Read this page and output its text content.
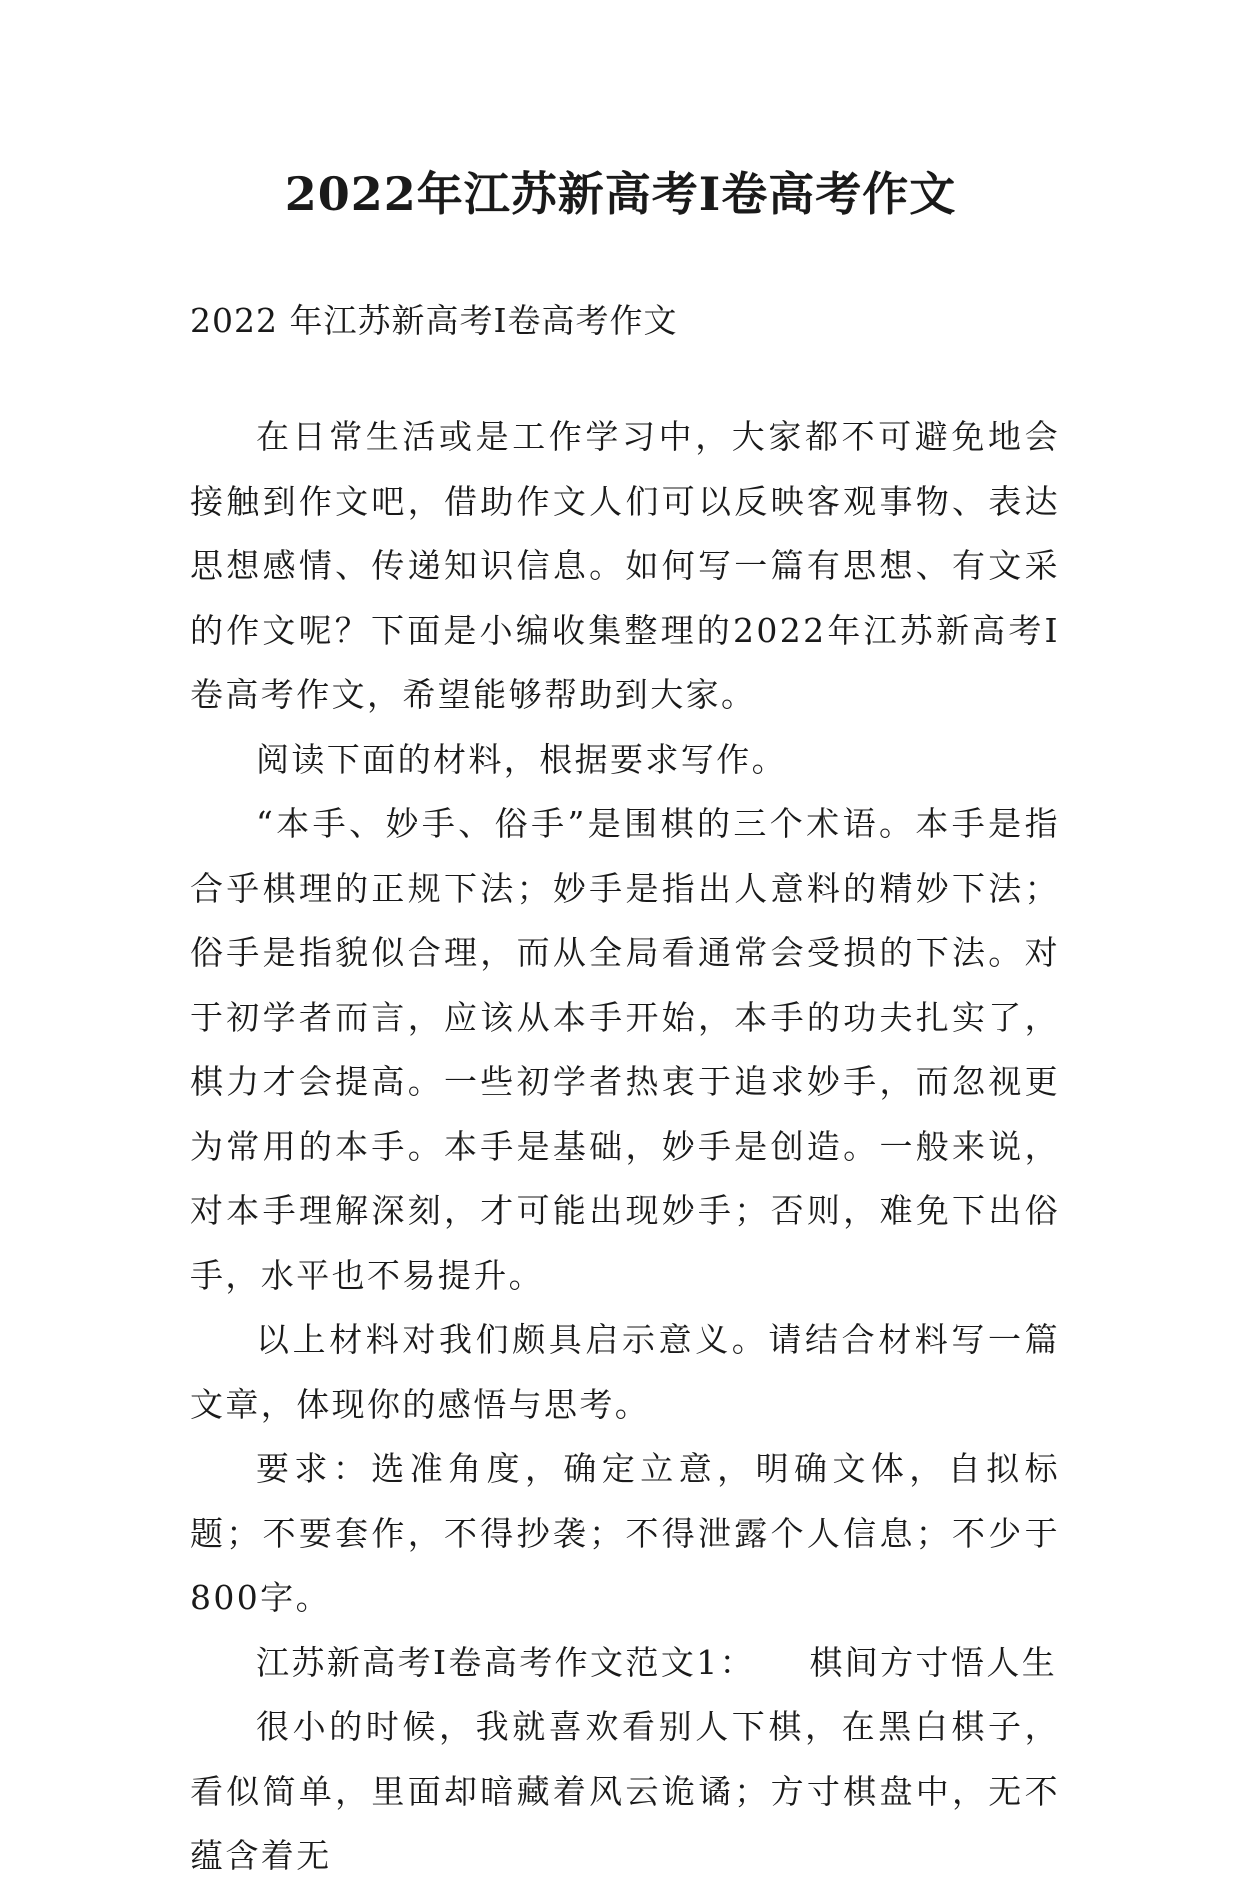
2022年江苏新高考Ⅰ卷高考作文
2022 年江苏新高考Ⅰ卷高考作文

在日常生活或是工作学习中，大家都不可避免地会接触到作文吧，借助作文人们可以反映客观事物、表达思想感情、传递知识信息。如何写一篇有思想、有文采的作文呢？下面是小编收集整理的2022年江苏新高考Ⅰ卷高考作文，希望能够帮助到大家。

阅读下面的材料，根据要求写作。

“本手、妙手、俗手”是围棋的三个术语。本手是指合乎棋理的正规下法；妙手是指出人意料的精妙下法；俗手是指貌似合理，而从全局看通常会受损的下法。对于初学者而言，应该从本手开始，本手的功夫扎实了，棋力才会提高。一些初学者热衷于追求妙手，而忽视更为常用的本手。本手是基础，妙手是创造。一般来说，对本手理解深刻，才可能出现妙手；否则，难免下出俗手，水平也不易提升。

以上材料对我们颇具启示意义。请结合材料写一篇文章，体现你的感悟与思考。

要求：选准角度，确定立意，明确文体，自拟标题；不要套作，不得抄袭；不得泄露个人信息；不少于800字。

江苏新高考Ⅰ卷高考作文范文1：　　棋间方寸悟人生

很小的时候，我就喜欢看别人下棋，在黑白棋子，看似简单，里面却暗藏着风云诡谲；方寸棋盘中，无不蕴含着无
